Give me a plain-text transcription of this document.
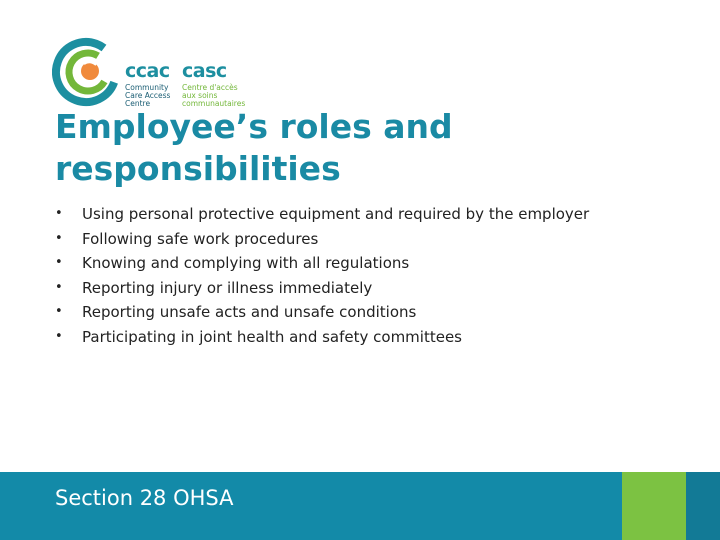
ccac casc
Community
Care Access
Centre
Centre d'accès
aux soins
communautaires
Employee’s roles and responsibilities
• Using personal protective equipment and required by the employer
• Following safe work procedures
• Knowing and complying with all regulations
• Reporting injury or illness immediately
• Reporting unsafe acts and unsafe conditions
• Participating in joint health and safety committees

Section 28 OHSA
